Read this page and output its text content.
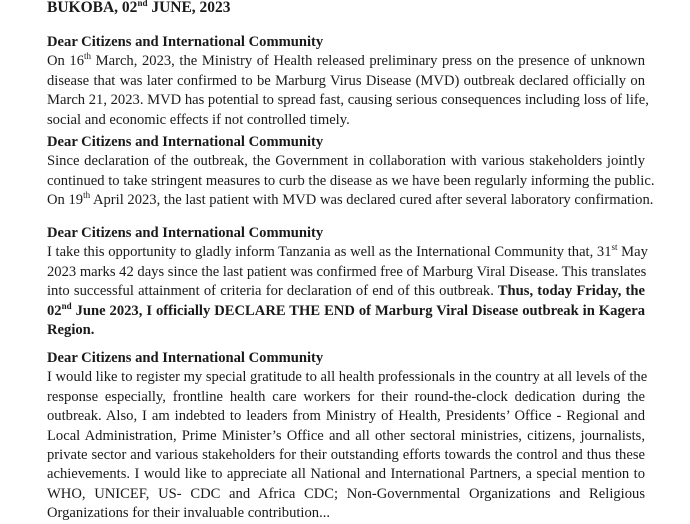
BUKOBA, 02nd JUNE, 2023
Dear Citizens and International Community
On 16th March, 2023, the Ministry of Health released preliminary press on the presence of unknown
disease that was later confirmed to be Marburg Virus Disease (MVD) outbreak declared officially on
March 21, 2023. MVD has potential to spread fast, causing serious consequences including loss of life,
social and economic effects if not controlled timely.
Dear Citizens and International Community
Since declaration of the outbreak, the Government in collaboration with various stakeholders jointly
continued to take stringent measures to curb the disease as we have been regularly informing the public.
On 19th April 2023, the last patient with MVD was declared cured after several laboratory confirmation.
Dear Citizens and International Community
I take this opportunity to gladly inform Tanzania as well as the International Community that, 31st May
2023 marks 42 days since the last patient was confirmed free of Marburg Viral Disease. This translates
into successful attainment of criteria for declaration of end of this outbreak. Thus, today Friday, the
02nd June 2023, I officially DECLARE THE END of Marburg Viral Disease outbreak in Kagera
Region.
Dear Citizens and International Community
I would like to register my special gratitude to all health professionals in the country at all levels of the
response especially, frontline health care workers for their round-the-clock dedication during the
outbreak. Also, I am indebted to leaders from Ministry of Health, Presidents’ Office - Regional and
Local Administration, Prime Minister’s Office and all other sectoral ministries, citizens, journalists,
private sector and various stakeholders for their outstanding efforts towards the control and thus these
achievements. I would like to appreciate all National and International Partners, a special mention to
WHO, UNICEF, US- CDC and Africa CDC; Non-Governmental Organizations and Religious
Organizations for their invaluable contribution...
